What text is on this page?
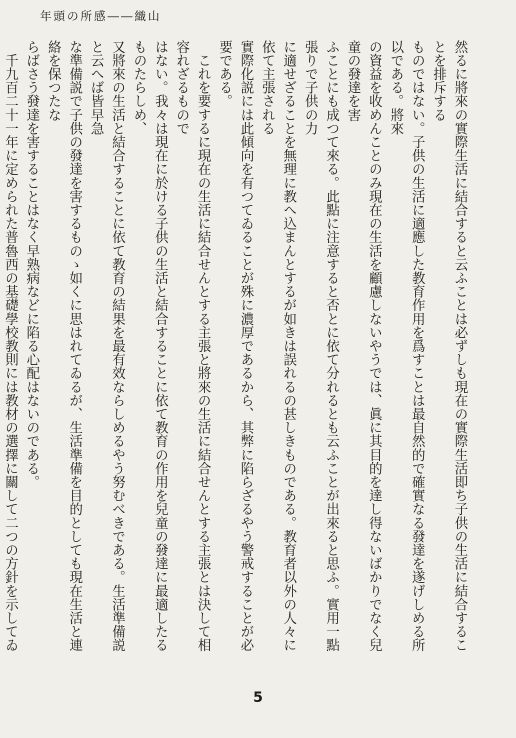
年頭の所感――織山
然るに將來の實際生活に結合すると云ふことは必ずしも現在の實際生活即ち子供の生活に結合することを排斥する
ものではない。子供の生活に適應した教育作用を爲すことは最自然的で確實なる發達を遂げしめる所以である。將來
の資益を收めんことのみ現在の生活を顧慮しないやうでは、眞に其目的を達し得ないばかりでなく兒童の發達を害
ふことにも成つて來る。此點に注意すると否とに依て分れるとも云ふことが出來ると思ふ。實用一點張りで子供の力
に適せざることを無理に教へ込まんとするが如きは誤れるの甚しきものである。教育者以外の人々に依て主張される
實際化説には此傾向を有つてゐることが殊に濃厚であるから、其弊に陷らざるやう警戒することが必要である。
　これを要するに現在の生活に結合せんとする主張と將來の生活に結合せんとする主張とは決して相容れざるもので
はない。我々は現在に於ける子供の生活と結合することに依て教育の作用を兒童の發達に最適したるものたらしめ、
又將來の生活と結合することに依て教育の結果を最有效ならしめるやう努むべきである。生活準備説と云へば皆早急
な準備説で子供の發達を害するものゝ如くに思はれてゐるが、生活準備を目的としても現在生活と連絡を保つたな
らばさう發達を害することはなく早熟病などに陷る心配はないのである。
　千九百二十一年に定められた普魯西の基礎學校教則には教材の選擇に關して二つの方針を示してゐ
5
